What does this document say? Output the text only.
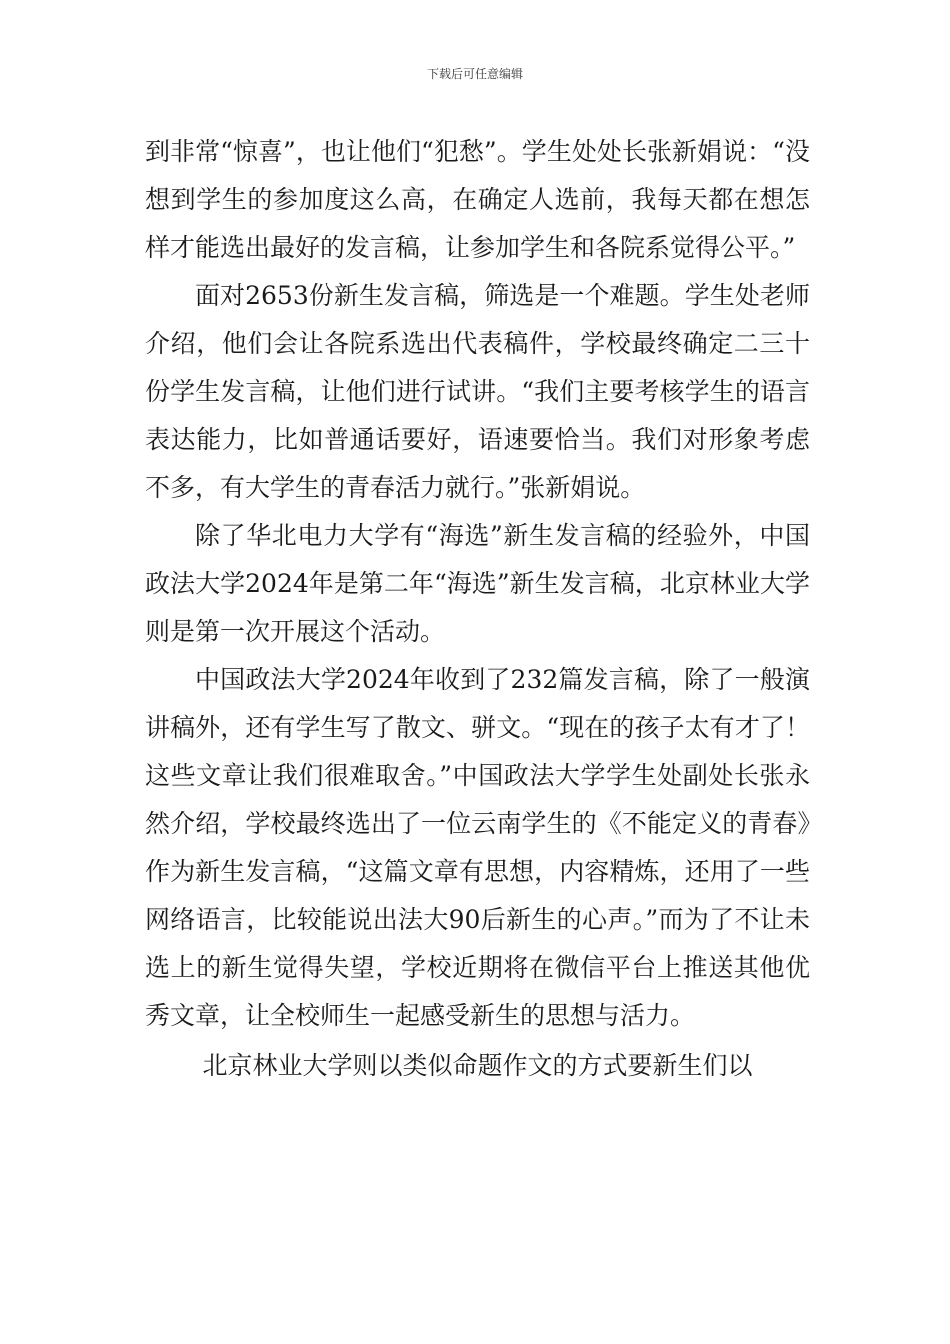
下载后可任意编辑

到非常“惊喜”，也让他们“犯愁”。学生处处长张新娟说：“没想到学生的参加度这么高，在确定人选前，我每天都在想怎样才能选出最好的发言稿，让参加学生和各院系觉得公平。”

面对2653份新生发言稿，筛选是一个难题。学生处老师介绍，他们会让各院系选出代表稿件，学校最终确定二三十份学生发言稿，让他们进行试讲。“我们主要考核学生的语言表达能力，比如普通话要好，语速要恰当。我们对形象考虑不多，有大学生的青春活力就行。”张新娟说。

除了华北电力大学有“海选”新生发言稿的经验外，中国政法大学2024年是第二年“海选”新生发言稿，北京林业大学则是第一次开展这个活动。

中国政法大学2024年收到了232篇发言稿，除了一般演讲稿外，还有学生写了散文、骈文。“现在的孩子太有才了！这些文章让我们很难取舍。”中国政法大学学生处副处长张永然介绍，学校最终选出了一位云南学生的《不能定义的青春》作为新生发言稿，“这篇文章有思想，内容精炼，还用了一些网络语言，比较能说出法大90后新生的心声。”而为了不让未选上的新生觉得失望，学校近期将在微信平台上推送其他优秀文章，让全校师生一起感受新生的思想与活力。

北京林业大学则以类似命题作文的方式要新生们以
